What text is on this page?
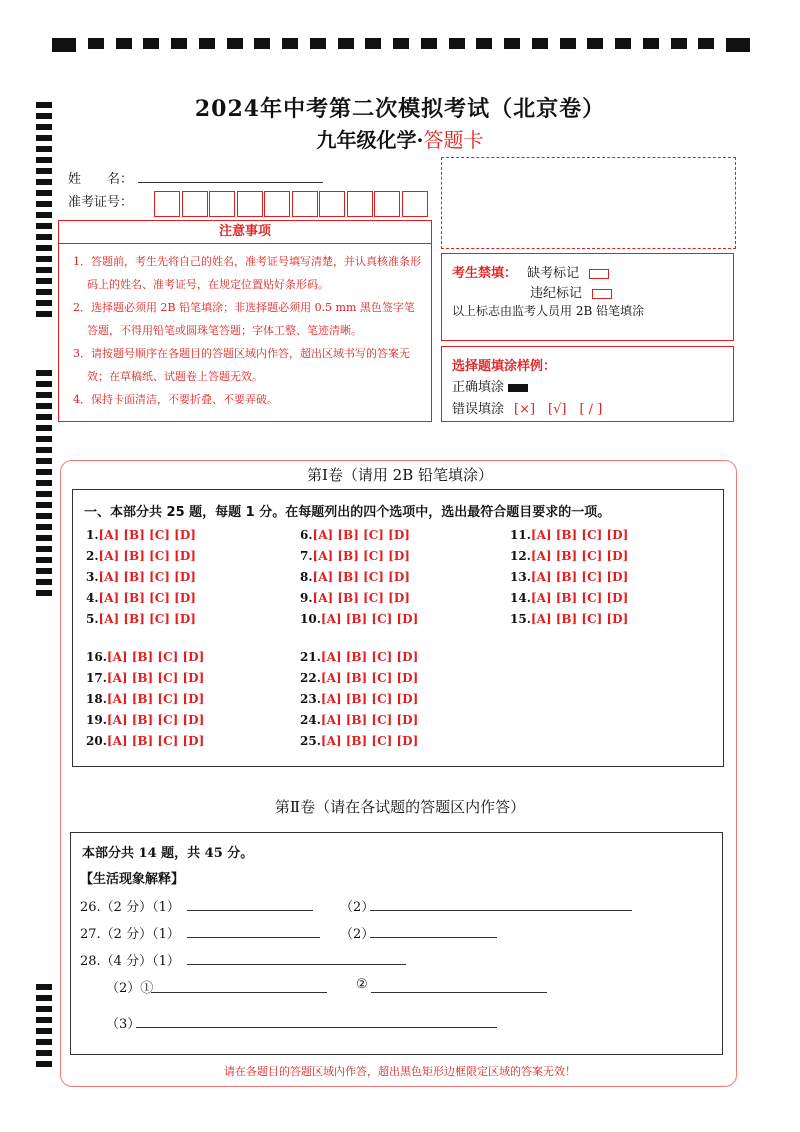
2024年中考第二次模拟考试（北京卷）
九年级化学·答题卡
姓　　名：
准考证号：
注意事项
1．答题前，考生先将自己的姓名，准考证号填写清楚，并认真核准条形码上的姓名、准考证号，在规定位置贴好条形码。
2．选择题必须用 2B 铅笔填涂；非选择题必须用 0.5 mm 黑色签字笔答题，不得用铅笔或圆珠笔答题；字体工整、笔迹清晰。
3．请按题号顺序在各题目的答题区域内作答，超出区域书写的答案无效；在草稿纸、试题卷上答题无效。
4．保持卡面清洁，不要折叠、不要弄破。
考生禁填： 缺考标记
违纪标记
以上标志由监考人员用 2B 铅笔填涂
选择题填涂样例：
正确填涂
错误填涂 [×]　[√]　[ / ]
第Ⅰ卷（请用 2B 铅笔填涂）
一、本部分共 25 题，每题 1 分。在每题列出的四个选项中，选出最符合题目要求的一项。
1.[A] [B] [C] [D]
2.[A] [B] [C] [D]
3.[A] [B] [C] [D]
4.[A] [B] [C] [D]
5.[A] [B] [C] [D]
6.[A] [B] [C] [D]
7.[A] [B] [C] [D]
8.[A] [B] [C] [D]
9.[A] [B] [C] [D]
10.[A] [B] [C] [D]
11.[A] [B] [C] [D]
12.[A] [B] [C] [D]
13.[A] [B] [C] [D]
14.[A] [B] [C] [D]
15.[A] [B] [C] [D]
16.[A] [B] [C] [D]
17.[A] [B] [C] [D]
18.[A] [B] [C] [D]
19.[A] [B] [C] [D]
20.[A] [B] [C] [D]
21.[A] [B] [C] [D]
22.[A] [B] [C] [D]
23.[A] [B] [C] [D]
24.[A] [B] [C] [D]
25.[A] [B] [C] [D]
第Ⅱ卷（请在各试题的答题区内作答）
本部分共 14 题，共 45 分。
【生活现象解释】
26.（2 分）（1）	（2）
27.（2 分）（1）	（2）
28.（4 分）（1）
（2）①	②
（3）
请在各题目的答题区域内作答，超出黑色矩形边框限定区域的答案无效！
